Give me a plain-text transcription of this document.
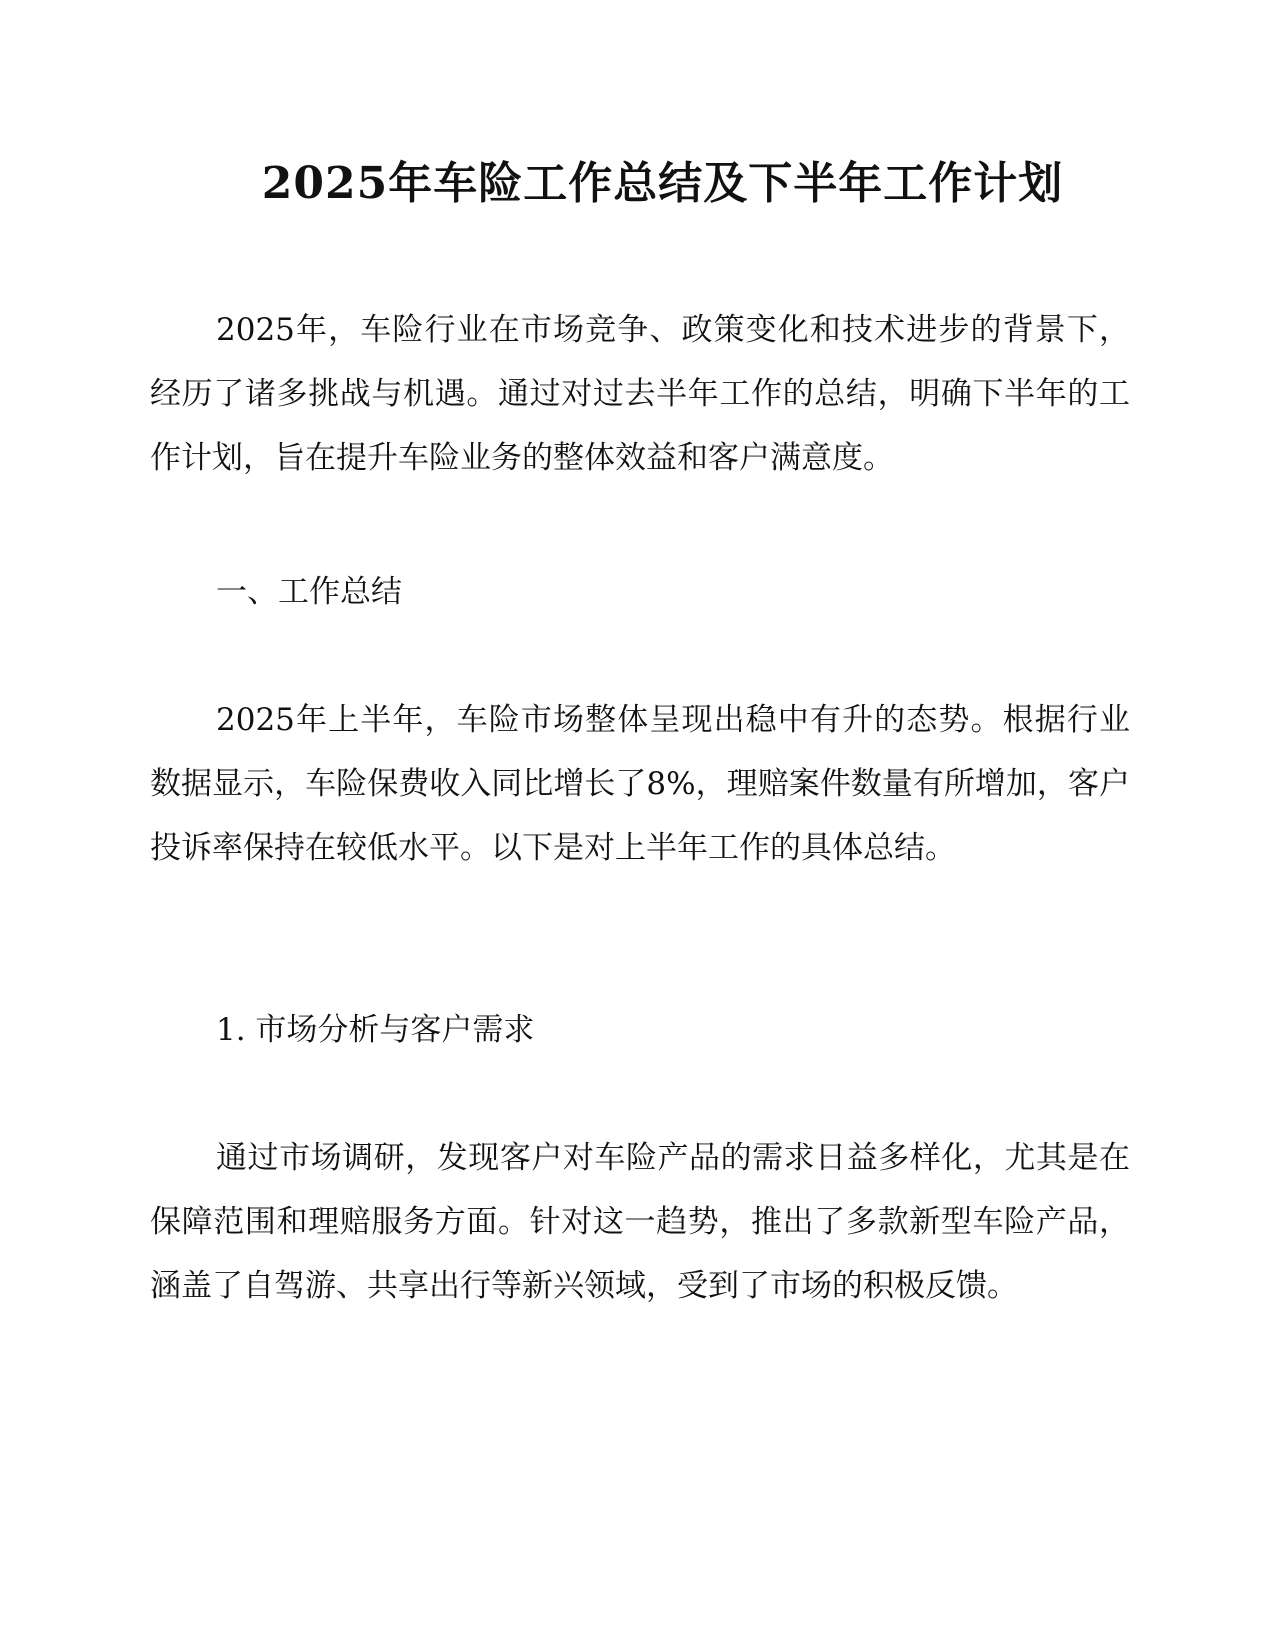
2025年车险工作总结及下半年工作计划

2025年，车险行业在市场竞争、政策变化和技术进步的背景下，经历了诸多挑战与机遇。通过对过去半年工作的总结，明确下半年的工作计划，旨在提升车险业务的整体效益和客户满意度。

一、工作总结

2025年上半年，车险市场整体呈现出稳中有升的态势。根据行业数据显示，车险保费收入同比增长了8%，理赔案件数量有所增加，客户投诉率保持在较低水平。以下是对上半年工作的具体总结。

1. 市场分析与客户需求

通过市场调研，发现客户对车险产品的需求日益多样化，尤其是在保障范围和理赔服务方面。针对这一趋势，推出了多款新型车险产品，涵盖了自驾游、共享出行等新兴领域，受到了市场的积极反馈。
